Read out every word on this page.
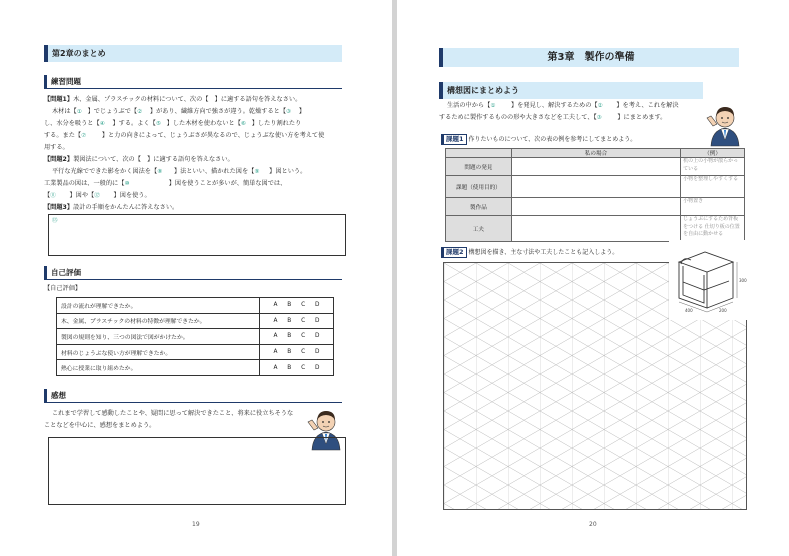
第2章のまとめ
練習問題
【問題1】木、金属、プラスチックの材料について、次の【　】に適する語句を答えなさい。
木材は【① 】でじょうぶで【② 】があり、繊維方向で強さが違う。乾燥すると【③ 】
し、水分を吸うと【④ 】する。よく【⑤ 】した木材を使わないと【⑥ 】したり割れたり
する。また【⑦	】と力の向きによって、じょうぶさが異なるので、じょうぶな使い方を考えて使
用する。
【問題2】製図法について、次の【　】に適する語句を答えなさい。
平行な光線でできた影をかく図法を【⑧ 】法といい、描かれた図を【⑨ 】図という。
工業製品の図は、一般的に【⑩	】図を使うことが多いが、簡単な図では、
【⑪ 】図や【⑫ 】図を使う。
【問題3】設計の手順をかんたんに答えなさい。
⑬
自己評価
【自己評価】
設計の流れが理解できたか。	A B C D
木、金属、プラスチックの材料の特徴が理解できたか。	A B C D
製図の規則を知り、三つの図法で図がかけたか。	A B C D
材料のじょうぶな使い方が理解できたか。	A B C D
熱心に授業に取り組めたか。	A B C D
感想
これまで学習して感動したことや、疑問に思って解決できたこと、将来に役立ちそうな
ことなどを中心に、感想をまとめよう。
19
第3章　製作の準備
構想図にまとめよう
生活の中から【①	】を発見し、解決するための【② 】を考え、これを解決
するために製作するものの形や大きさなどを工夫して、【③	】にまとめます。
課題1 作りたいものについて、次の表の例を参考にしてまとめよう。
	私の場合	（例）
問題の発見		机の上の小物が散らかっている
課題（使用目的）		小物を整理しやすくする
製作品		小物置き
工夫		じょうぶにするため背板をつける 仕切り板の位置を自由に動かせる
課題2 構想図を描き、主な寸法や工夫したことも記入しよう。
400	200
300
20
